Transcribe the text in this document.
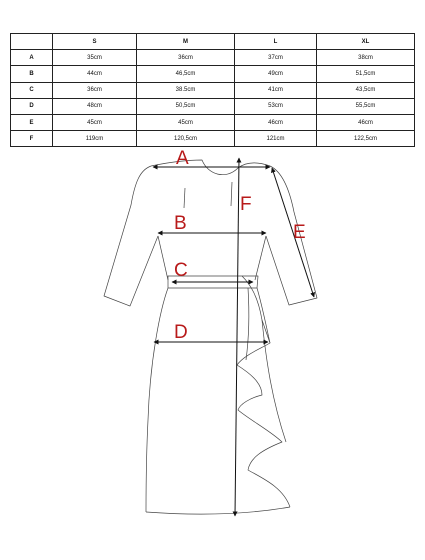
	S	M	L	XL
A	35cm	36cm	37cm	38cm
B	44cm	46,5cm	49cm	51,5cm
C	36cm	38.5cm	41cm	43,5cm
D	48cm	50,5cm	53cm	55,5cm
E	45cm	45cm	46cm	46cm
F	119cm	120,5cm	121cm	122,5cm
A
B
C
D
E
F
